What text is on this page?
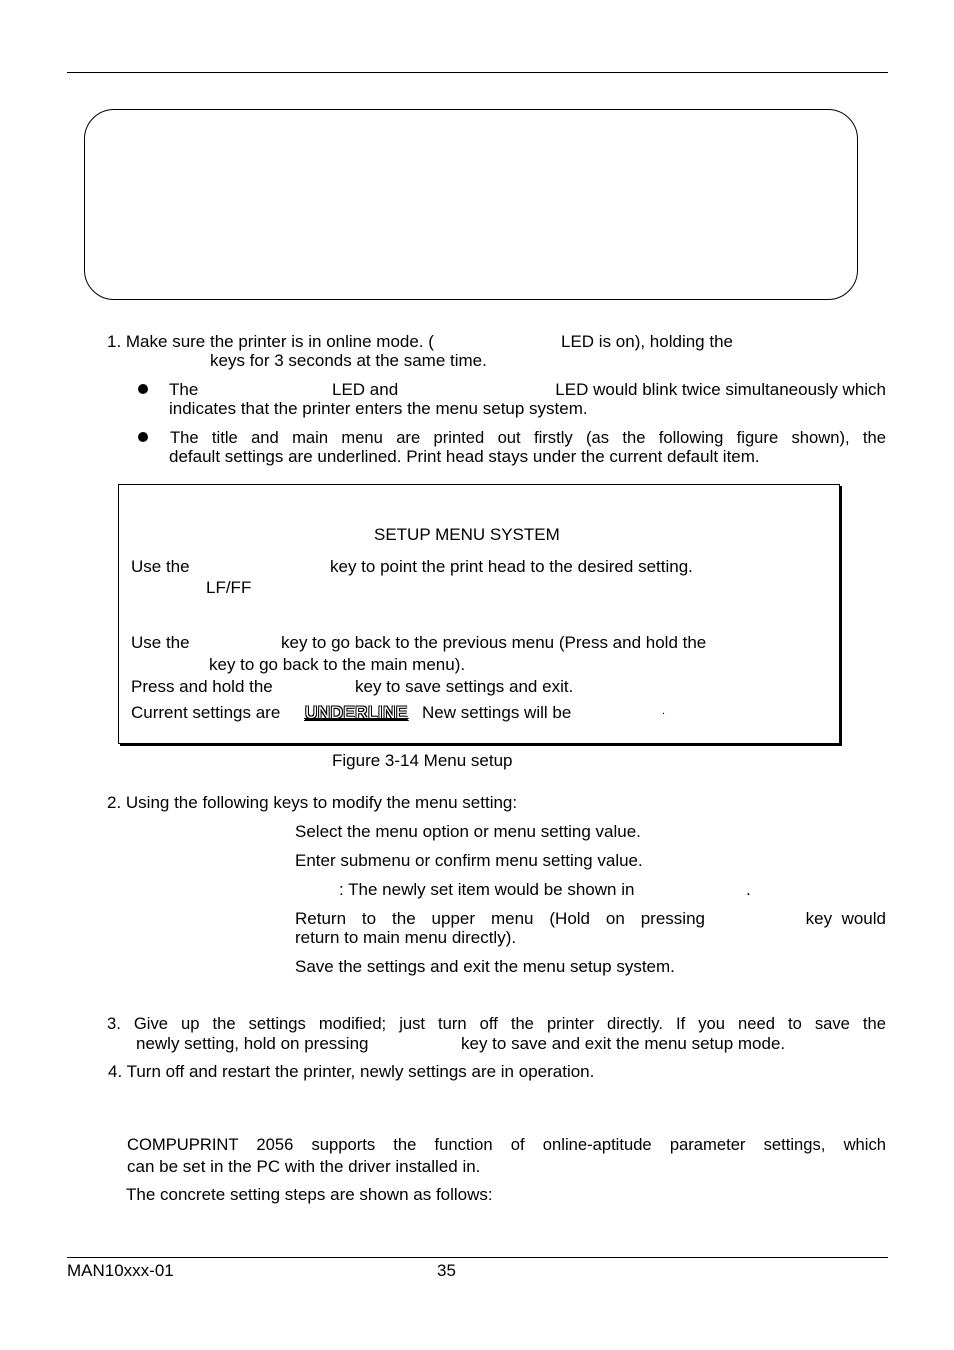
1. Make sure the printer is in online mode. (	LED is on), holding the
keys for 3 seconds at the same time.
The	LED and	LED would blink twice simultaneously which
indicates that the printer enters the menu setup system.
The  title  and  main  menu  are  printed  out  firstly  (as  the  following  figure  shown),  the
default settings are underlined. Print head stays under the current default item.
SETUP MENU SYSTEM
Use the	key to point the print head to the desired setting.
LF/FF
Use the	key to go back to the previous menu (Press and hold the
key to go back to the main menu).
Press and hold the	key to save settings and exit.
Current settings are UNDERLINE New settings will be	.
Figure 3-14 Menu setup
2. Using the following keys to modify the menu setting:
Select the menu option or menu setting value.
Enter submenu or confirm menu setting value.
: The newly set item would be shown in	.
Return  to  the  upper  menu  (Hold  on  pressing	key  would
return to main menu directly).
Save the settings and exit the menu setup system.
3.  Give  up  the  settings  modified;  just  turn  off  the  printer  directly.  If  you  need  to  save  the
newly setting, hold on pressing	key to save and exit the menu setup mode.
4. Turn off and restart the printer, newly settings are in operation.
COMPUPRINT  2056  supports  the  function  of  online-aptitude  parameter  settings,  which
can be set in the PC with the driver installed in.
The concrete setting steps are shown as follows:
MAN10xxx-01	35
